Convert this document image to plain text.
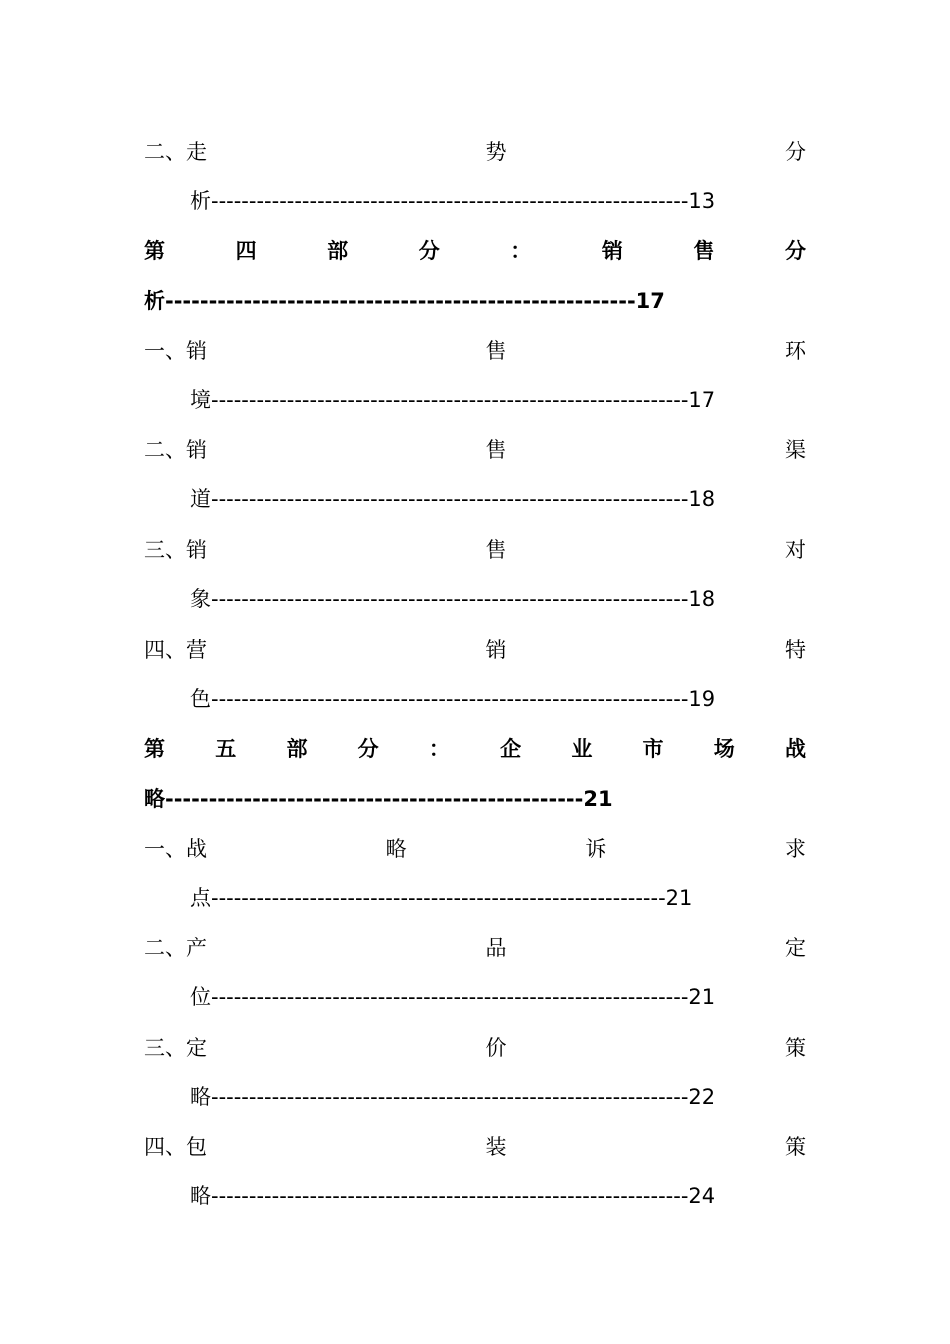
二、走	势	分
析---------------------------------------------------------------13
第	四	部	分	：	销	售	分
析------------------------------------------------------17
一、销	售	环
境---------------------------------------------------------------17
二、销	售	渠
道---------------------------------------------------------------18
三、销	售	对
象---------------------------------------------------------------18
四、营	销	特
色---------------------------------------------------------------19
第 五 部 分 ： 企 业 市 场 战
略------------------------------------------------21
一、战	略	诉	求
点------------------------------------------------------------21
二、产	品	定
位---------------------------------------------------------------21
三、定	价	策
略---------------------------------------------------------------22
四、包	装	策
略---------------------------------------------------------------24
